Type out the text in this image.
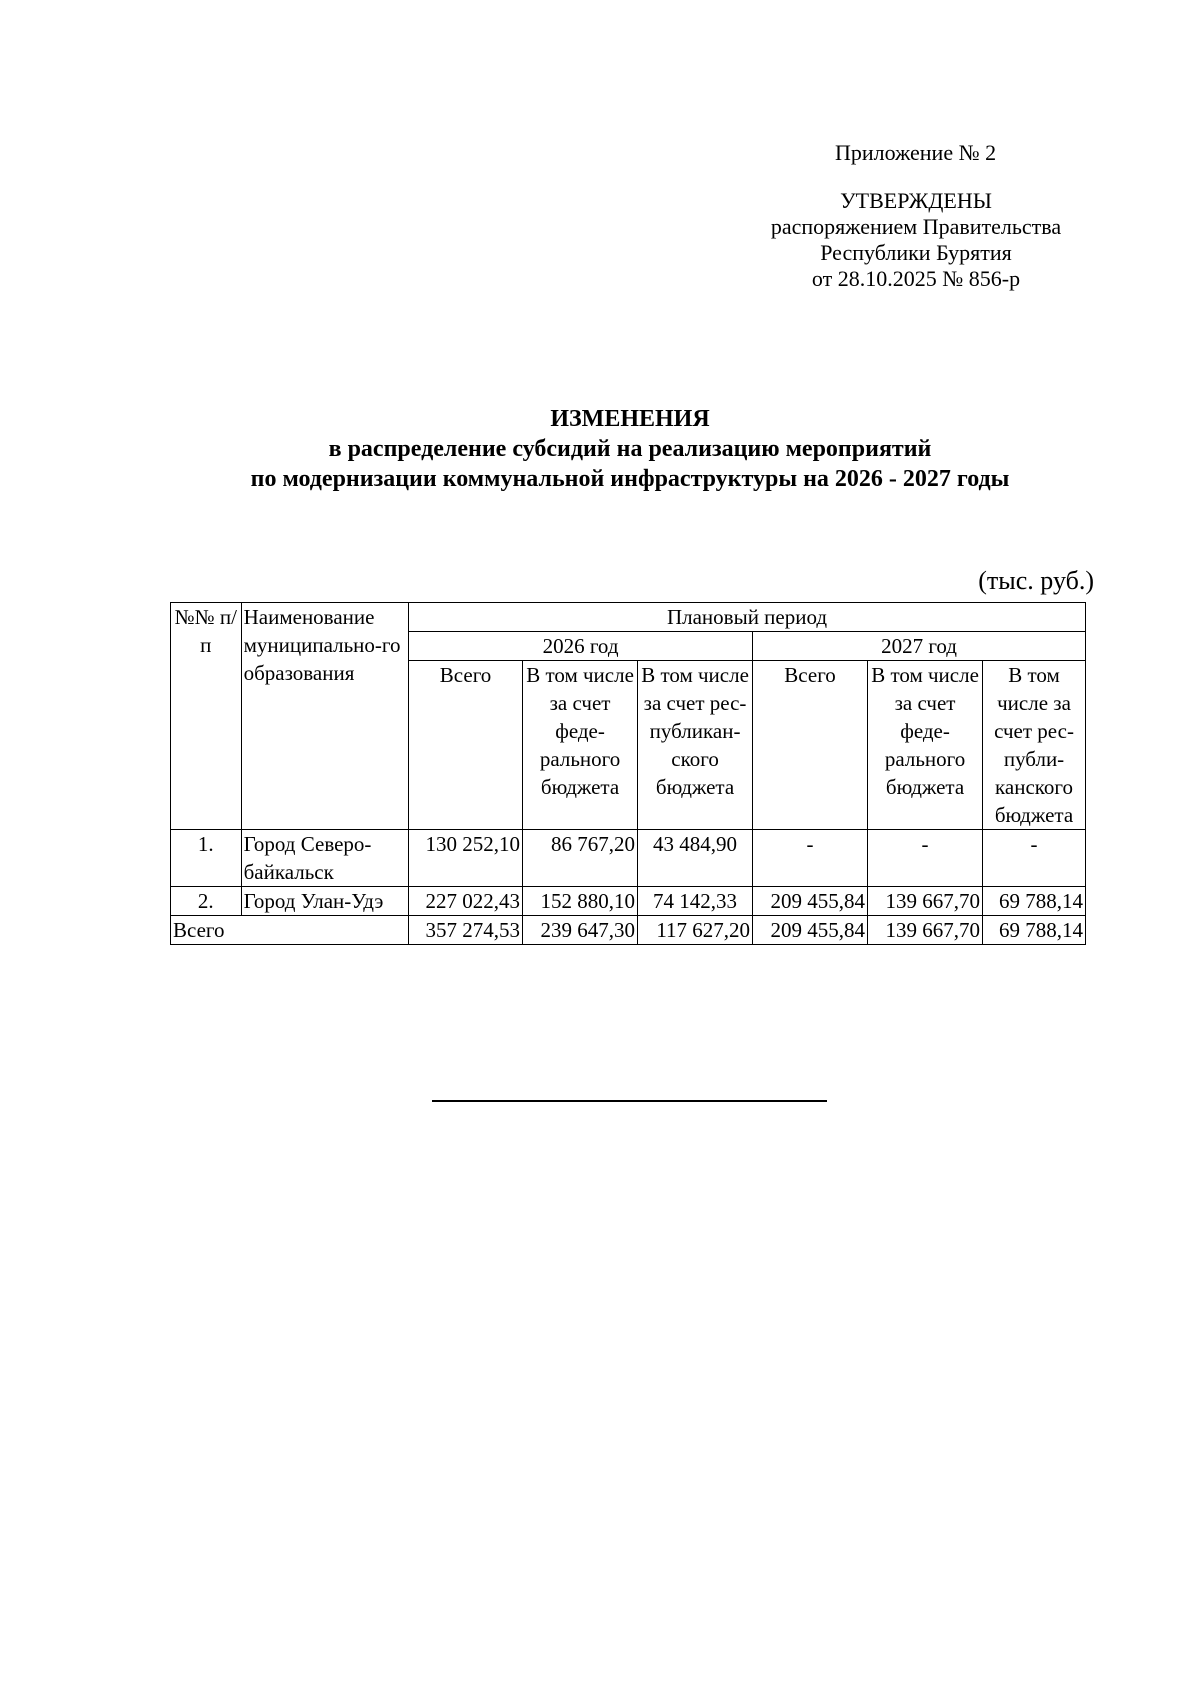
Приложение № 2
УТВЕРЖДЕНЫ
распоряжением Правительства
Республики Бурятия
от 28.10.2025 № 856-р
ИЗМЕНЕНИЯ
в распределение субсидий на реализацию мероприятий
по модернизации коммунальной инфраструктуры на 2026 - 2027 годы
(тыс. руб.)
№№ п/п	Наименование муниципально-го образования	Плановый период					
		2026 год			2027 год		
		Всего	В том числе за счет феде-рального бюджета	В том числе за счет рес-публикан-ского бюджета	Всего	В том числе за счет феде-рального бюджета	В том числе за счет рес-публи-канского бюджета
1.	Город Северо-байкальск	130 252,10	86 767,20	43 484,90	-	-	-
2.	Город Улан-Удэ	227 022,43	152 880,10	74 142,33	209 455,84	139 667,70	69 788,14
Всего		357 274,53	239 647,30	117 627,20	209 455,84	139 667,70	69 788,14
